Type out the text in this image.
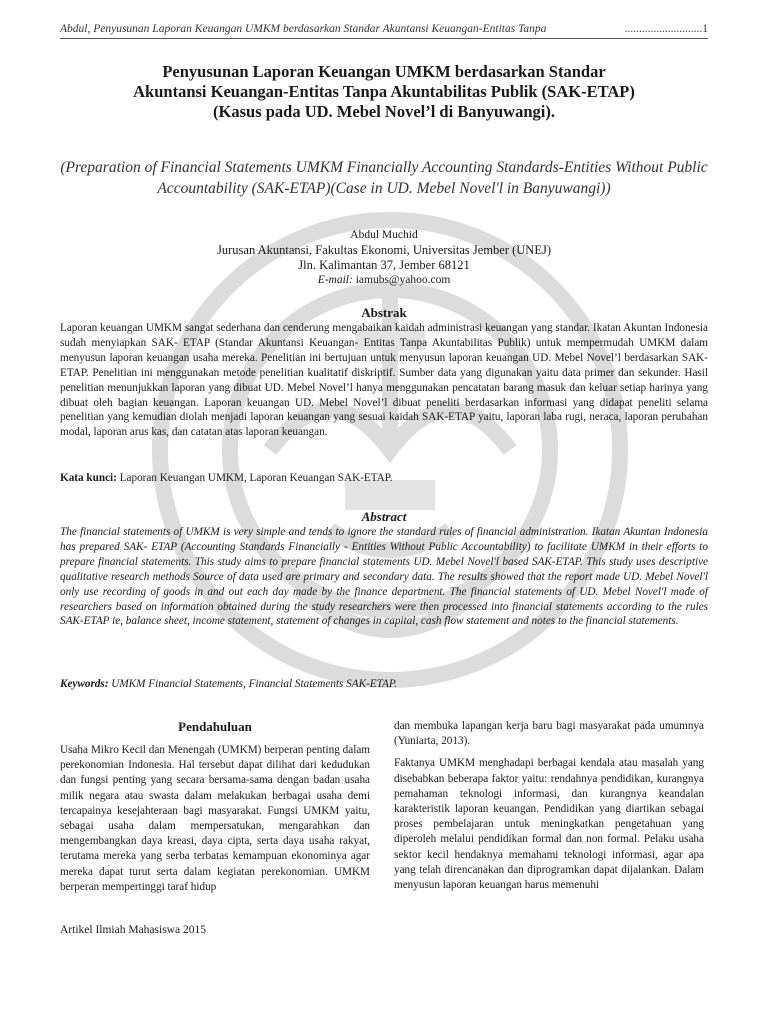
Abdul, Penyusunan Laporan Keuangan UMKM berdasarkan Standar Akuntansi Keuangan-Entitas Tanpa	...........................1
Penyusunan Laporan Keuangan UMKM berdasarkan Standar
Akuntansi Keuangan-Entitas Tanpa Akuntabilitas Publik (SAK-ETAP)
(Kasus pada UD. Mebel Novel’l di Banyuwangi).
(Preparation of Financial Statements UMKM Financially Accounting Standards-Entities Without Public Accountability (SAK-ETAP)(Case in UD. Mebel Novel'l in Banyuwangi))
Abdul Muchid
Jurusan Akuntansi, Fakultas Ekonomi, Universitas Jember (UNEJ)
Jln. Kalimantan 37, Jember 68121
E-mail: iamubs@yahoo.com
Abstrak
Laporan keuangan UMKM sangat sederhana dan cenderung mengabaikan kaidah administrasi keuangan yang standar. Ikatan Akuntan Indonesia sudah menyiapkan SAK- ETAP (Standar Akuntansi Keuangan- Entitas Tanpa Akuntabilitas Publik) untuk mempermudah UMKM dalam menyusun laporan keuangan usaha mereka. Penelitian ini bertujuan untuk menyusun laporan keuangan UD. Mebel Novel’l berdasarkan SAK-ETAP. Penelitian ini menggunakan metode penelitian kualitatif diskriptif. Sumber data yang digunakan yaitu data primer dan sekunder. Hasil penelitian menunjukkan laporan yang dibuat UD. Mebel Novel’l hanya menggunakan pencatatan barang masuk dan keluar setiap harinya yang dibuat oleh bagian keuangan. Laporan keuangan UD. Mebel Novel’l dibuat peneliti berdasarkan informasi yang didapat peneliti selama penelitian yang kemudian diolah menjadi laporan keuangan yang sesuai kaidah SAK-ETAP yaitu, laporan laba rugi, neraca, laporan perubahan modal, laporan arus kas, dan catatan atas laporan keuangan.
Kata kunci: Laporan Keuangan UMKM, Laporan Keuangan SAK-ETAP.
Abstract
The financial statements of UMKM is very simple and tends to ignore the standard rules of financial administration. Ikatan Akuntan Indonesia has prepared SAK- ETAP (Accounting Standards Financially - Entities Without Public Accountability) to facilitate UMKM in their efforts to prepare financial statements. This study aims to prepare financial statements UD. Mebel Novel'l based SAK-ETAP. This study uses descriptive qualitative research methods Source of data used are primary and secondary data. The results showed that the report made UD. Mebel Novel'l only use recording of goods in and out each day made by the finance department. The financial statements of UD. Mebel Novel'l made of researchers based on information obtained during the study researchers were then processed into financial statements according to the rules SAK-ETAP ie, balance sheet, income statement, statement of changes in capital, cash flow statement and notes to the financial statements.
Keywords: UMKM Financial Statements, Financial Statements SAK-ETAP.
Pendahuluan

Usaha Mikro Kecil dan Menengah (UMKM) berperan penting dalam perekonomian Indonesia. Hal tersebut dapat dilihat dari kedudukan dan fungsi penting yang secara bersama-sama dengan badan usaha milik negara atau swasta dalam melakukan berbagai usaha demi tercapainya kesejahteraan bagi masyarakat. Fungsi UMKM yaitu, sebagai usaha dalam mempersatukan, mengarahkan dan mengembangkan daya kreasi, daya cipta, serta daya usaha rakyat, terutama mereka yang serba terbatas kemampuan ekonominya agar mereka dapat turut serta dalam kegiatan perekonomian. UMKM berperan mempertinggi taraf hidup

dan membuka lapangan kerja baru bagi masyarakat pada umumnya (Yuniarta, 2013).

Faktanya UMKM menghadapi berbagai kendala atau masalah yang disebabkan beberapa faktor yaitu: rendahnya pendidikan, kurangnya pemahaman teknologi informasi, dan kurangnya keandalan karakteristik laporan keuangan. Pendidikan yang diartikan sebagai proses pembelajaran untuk meningkatkan pengetahuan yang diperoleh melalui pendidikan formal dan non formal. Pelaku usaha sektor kecil hendaknya memahami teknologi informasi, agar apa yang telah direncanakan dan diprogramkan dapat dijalankan. Dalam menyusun laporan keuangan harus memenuhi

Artikel Ilmiah Mahasiswa 2015
